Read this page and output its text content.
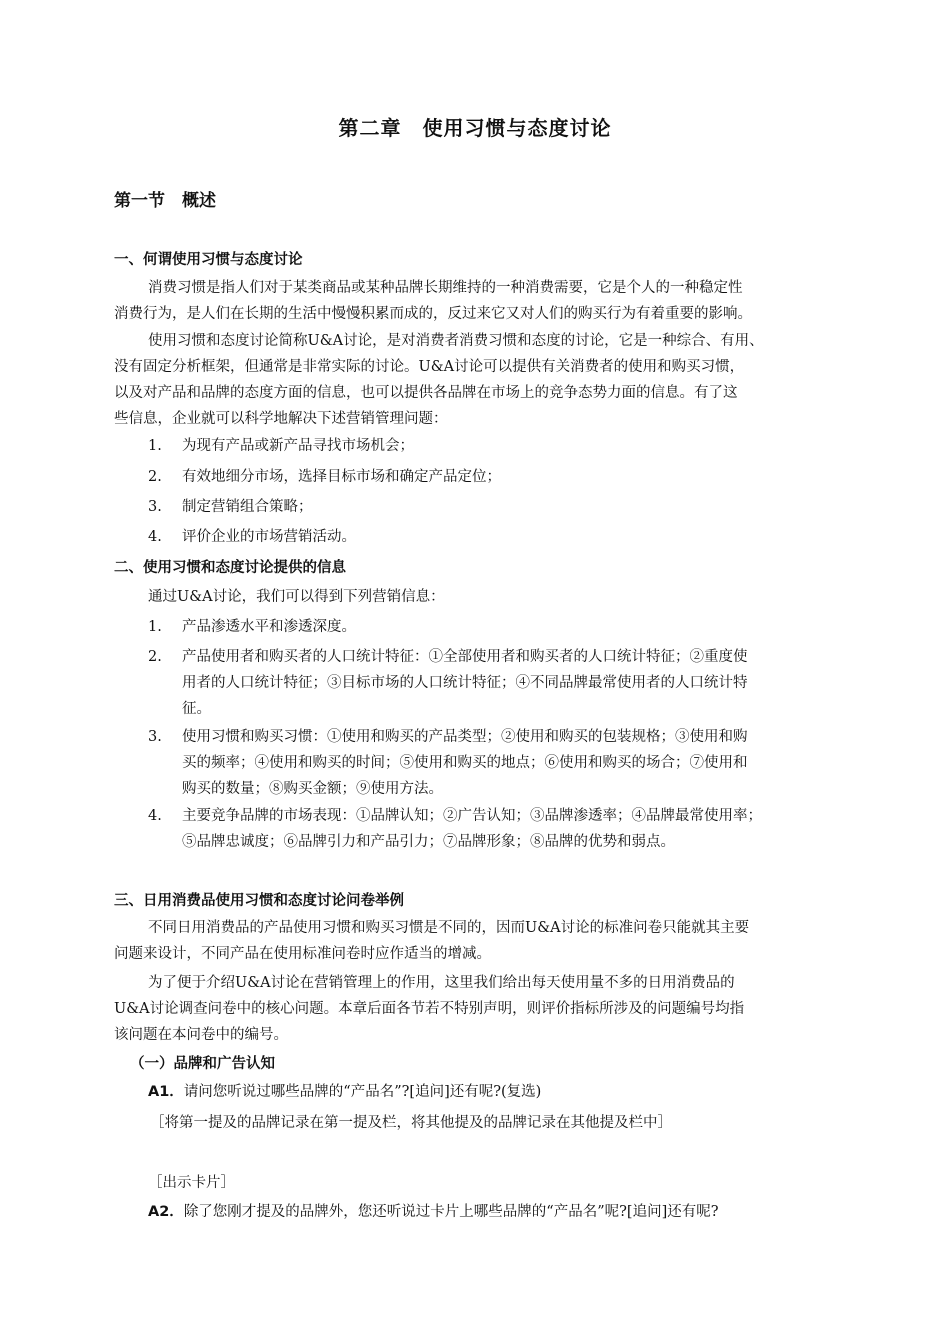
第二章　使用习惯与态度讨论
第一节　概述
一、何谓使用习惯与态度讨论
消费习惯是指人们对于某类商品或某种品牌长期维持的一种消费需要，它是个人的一种稳定性
消费行为，是人们在长期的生活中慢慢积累而成的，反过来它又对人们的购买行为有着重要的影响。
使用习惯和态度讨论简称U&A讨论，是对消费者消费习惯和态度的讨论，它是一种综合、有用、
没有固定分析框架，但通常是非常实际的讨论。U&A讨论可以提供有关消费者的使用和购买习惯，
以及对产品和品牌的态度方面的信息，也可以提供各品牌在市场上的竞争态势力面的信息。有了这
些信息，企业就可以科学地解决下述营销管理问题：
1. 为现有产品或新产品寻找市场机会；
2. 有效地细分市场，选择目标市场和确定产品定位；
3. 制定营销组合策略；
4. 评价企业的市场营销活动。
二、使用习惯和态度讨论提供的信息
通过U&A讨论，我们可以得到下列营销信息：
1. 产品渗透水平和渗透深度。
2. 产品使用者和购买者的人口统计特征：①全部使用者和购买者的人口统计特征；②重度使
用者的人口统计特征；③目标市场的人口统计特征；④不同品牌最常使用者的人口统计特
征。
3. 使用习惯和购买习惯：①使用和购买的产品类型；②使用和购买的包装规格；③使用和购
买的频率；④使用和购买的时间；⑤使用和购买的地点；⑥使用和购买的场合；⑦使用和
购买的数量；⑧购买金额；⑨使用方法。
4. 主要竞争品牌的市场表现：①品牌认知；②广告认知；③品牌渗透率；④品牌最常使用率；
⑤品牌忠诚度；⑥品牌引力和产品引力；⑦品牌形象；⑧品牌的优势和弱点。
三、日用消费品使用习惯和态度讨论问卷举例
不同日用消费品的产品使用习惯和购买习惯是不同的，因而U&A讨论的标准问卷只能就其主要
问题来设计，不同产品在使用标准问卷时应作适当的增减。
为了便于介绍U&A讨论在营销管理上的作用，这里我们给出每天使用量不多的日用消费品的
U&A讨论调查问卷中的核心问题。本章后面各节若不特别声明，则评价指标所涉及的问题编号均指
该问题在本问卷中的编号。
（一）品牌和广告认知
A1．请问您听说过哪些品牌的“产品名”?[追问]还有呢?(复选)
［将第一提及的品牌记录在第一提及栏，将其他提及的品牌记录在其他提及栏中］
［出示卡片］
A2．除了您刚才提及的品牌外，您还听说过卡片上哪些品牌的“产品名”呢?[追问]还有呢?
